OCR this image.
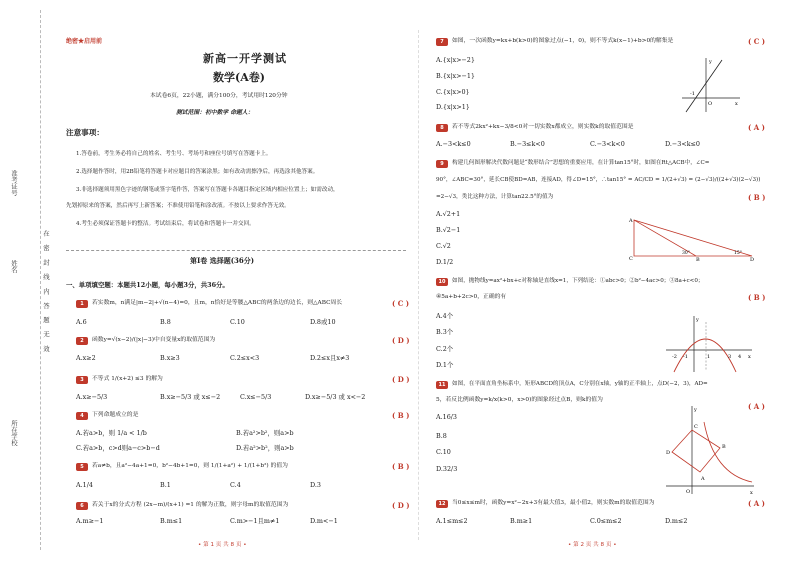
准考证号
姓名
所在学校
在 密 封 线 内 答 题 无 效
绝密★启用前
新高一开学测试
数学(A卷)
本试卷6页，22小题，满分100分，考试用时120分钟
测试范围：初中数学 命题人：
注意事项：
1.答卷前，考生务必将自己的姓名、考生号、考场号和座位号填写在答题卡上。
2.选择题作答时，用2B铅笔将答题卡对应题目的答案涂黑；如有改动需擦净后，再选涂其他答案。
3.非选择题须用黑色字迹的钢笔或签字笔作答，答案写在答题卡各题目指定区域内相应位置上；如需改动，
先划掉原来的答案，然后再写上新答案；不准使用铅笔和涂改液。不按以上要求作答无效。
4.考生必须保证答题卡的整洁。考试结束后，将试卷和答题卡一并交回。
第Ⅰ卷 选择题(36分)
一、单项填空题：本题共12小题，每小题3分，共36分。
1	若实数m，n满足|m−2|+√(n−4)=0，且m，n恰好是等腰△ABC的两条边的边长，则△ABC周长	( C )
A.6	B.8	C.10	D.8或10
2	函数y=√(x−2)/(|x|−3)中自变量x的取值范围为	( D )
A.x≥2	B.x≥3	C.2≤x<3	D.2≤x且x≠3
3	不等式 1/(x+2) ≤3 的解为	( D )
A.x≥−5/3	B.x≥−5/3 或 x≤−2	C.x≤−5/3	D.x≥−5/3 或 x<−2
4	下列命题成立的是	( B )
A.若a>b，则 1/a < 1/b	B.若a²>b²，则a>b
C.若a>b，c>d则a−c>b−d	D.若a²>b²，则a>b
5	若a≠b，且a²−4a+1=0，b²−4b+1=0，则 1/(1+a²) + 1/(1+b²) 的值为	( B )
A.1/4	B.1	C.4	D.3
6	若关于x的分式方程 (2x−m)/(x+1) =1 的解为正数，则字母m的取值范围为	( D )
A.m≥−1	B.m≤1	C.m>−1且m≠1	D.m<−1
• 第 1 页 共 8 页 •
7	如图，一次函数y=kx+b(k>0)的图象过点(−1，0)，则不等式k(x−1)+b>0的解集是	( C )
A.{x|x>−2}
B.{x|x>−1}
C.{x|x>0}
D.{x|x>1}	x
y
-1
O
8	若不等式2kx²+kx−3/8<0对一切实数x都成立，则实数k的取值范围是	( A )
A.−3<k≤0	B.−3≤k<0	C.−3<k<0	D.−3<k≤0
9	构建几何图形解决代数问题是“数形结合”思想的重要应用，在计算tan15°时，如图在Rt△ACB中，∠C=
90°，∠ABC=30°，延长CB使BD=AB，连接AD，得∠D=15°，∴tan15° = AC/CD = 1/(2+√3) = (2−√3)/((2+√3)(2−√3))
=2−√3，类比这种方法，计算tan22.5°的值为	( B )
A.√2+1
B.√2−1
C.√2
D.1/2
A
C	B	D
30°	15°
10	如图，抛物线y=ax²+bx+c对称轴是直线x=1，下列结论：①abc>0；②b²−4ac>0；③8a+c<0；
④5a+b+2c>0，正确的有	( B )
A.4个
B.3个
C.2个
D.1个
x
y
-2 -1	1	3 4
11	如图，在平面直角坐标系中，矩形ABCD的顶点A，C分别在x轴，y轴的正半轴上，点D(−2，3)，AD=
5，若反比例函数y=k/x(k>0，x>0)的图象经过点B，则k的值为
( A )
A.16/3
B.8
C.10
D.32/3
x
y
D
C
B
A
O
12	当0≤x≤m时，函数y=x²−2x+3有最大值3，最小值2，则实数m的取值范围为	( A )
A.1≤m≤2	B.m≥1	C.0≤m≤2	D.m≤2
• 第 2 页 共 8 页 •
